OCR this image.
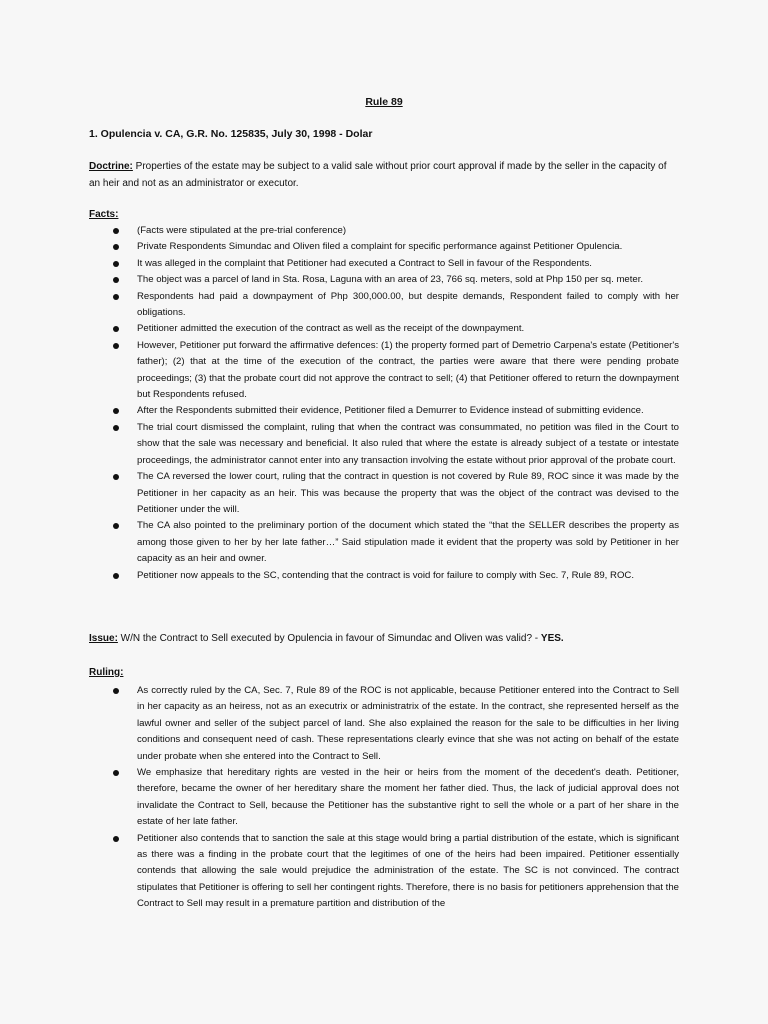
Rule 89
1. Opulencia v. CA, G.R. No. 125835, July 30, 1998 - Dolar
Doctrine: Properties of the estate may be subject to a valid sale without prior court approval if made by the seller in the capacity of an heir and not as an administrator or executor.
Facts:
(Facts were stipulated at the pre-trial conference)
Private Respondents Simundac and Oliven filed a complaint for specific performance against Petitioner Opulencia.
It was alleged in the complaint that Petitioner had executed a Contract to Sell in favour of the Respondents.
The object was a parcel of land in Sta. Rosa, Laguna with an area of 23, 766 sq. meters, sold at Php 150 per sq. meter.
Respondents had paid a downpayment of Php 300,000.00, but despite demands, Respondent failed to comply with her obligations.
Petitioner admitted the execution of the contract as well as the receipt of the downpayment.
However, Petitioner put forward the affirmative defences: (1) the property formed part of Demetrio Carpena's estate (Petitioner's father); (2) that at the time of the execution of the contract, the parties were aware that there were pending probate proceedings; (3) that the probate court did not approve the contract to sell; (4) that Petitioner offered to return the downpayment but Respondents refused.
After the Respondents submitted their evidence, Petitioner filed a Demurrer to Evidence instead of submitting evidence.
The trial court dismissed the complaint, ruling that when the contract was consummated, no petition was filed in the Court to show that the sale was necessary and beneficial. It also ruled that where the estate is already subject of a testate or intestate proceedings, the administrator cannot enter into any transaction involving the estate without prior approval of the probate court.
The CA reversed the lower court, ruling that the contract in question is not covered by Rule 89, ROC since it was made by the Petitioner in her capacity as an heir. This was because the property that was the object of the contract was devised to the Petitioner under the will.
The CA also pointed to the preliminary portion of the document which stated the “that the SELLER describes the property as among those given to her by her late father…” Said stipulation made it evident that the property was sold by Petitioner in her capacity as an heir and owner.
Petitioner now appeals to the SC, contending that the contract is void for failure to comply with Sec. 7, Rule 89, ROC.
Issue: W/N the Contract to Sell executed by Opulencia in favour of Simundac and Oliven was valid? - YES.
Ruling:
As correctly ruled by the CA, Sec. 7, Rule 89 of the ROC is not applicable, because Petitioner entered into the Contract to Sell in her capacity as an heiress, not as an executrix or administratrix of the estate. In the contract, she represented herself as the lawful owner and seller of the subject parcel of land. She also explained the reason for the sale to be difficulties in her living conditions and consequent need of cash. These representations clearly evince that she was not acting on behalf of the estate under probate when she entered into the Contract to Sell.
We emphasize that hereditary rights are vested in the heir or heirs from the moment of the decedent's death. Petitioner, therefore, became the owner of her hereditary share the moment her father died. Thus, the lack of judicial approval does not invalidate the Contract to Sell, because the Petitioner has the substantive right to sell the whole or a part of her share in the estate of her late father.
Petitioner also contends that to sanction the sale at this stage would bring a partial distribution of the estate, which is significant as there was a finding in the probate court that the legitimes of one of the heirs had been impaired. Petitioner essentially contends that allowing the sale would prejudice the administration of the estate. The SC is not convinced. The contract stipulates that Petitioner is offering to sell her contingent rights. Therefore, there is no basis for petitioners apprehension that the Contract to Sell may result in a premature partition and distribution of the
